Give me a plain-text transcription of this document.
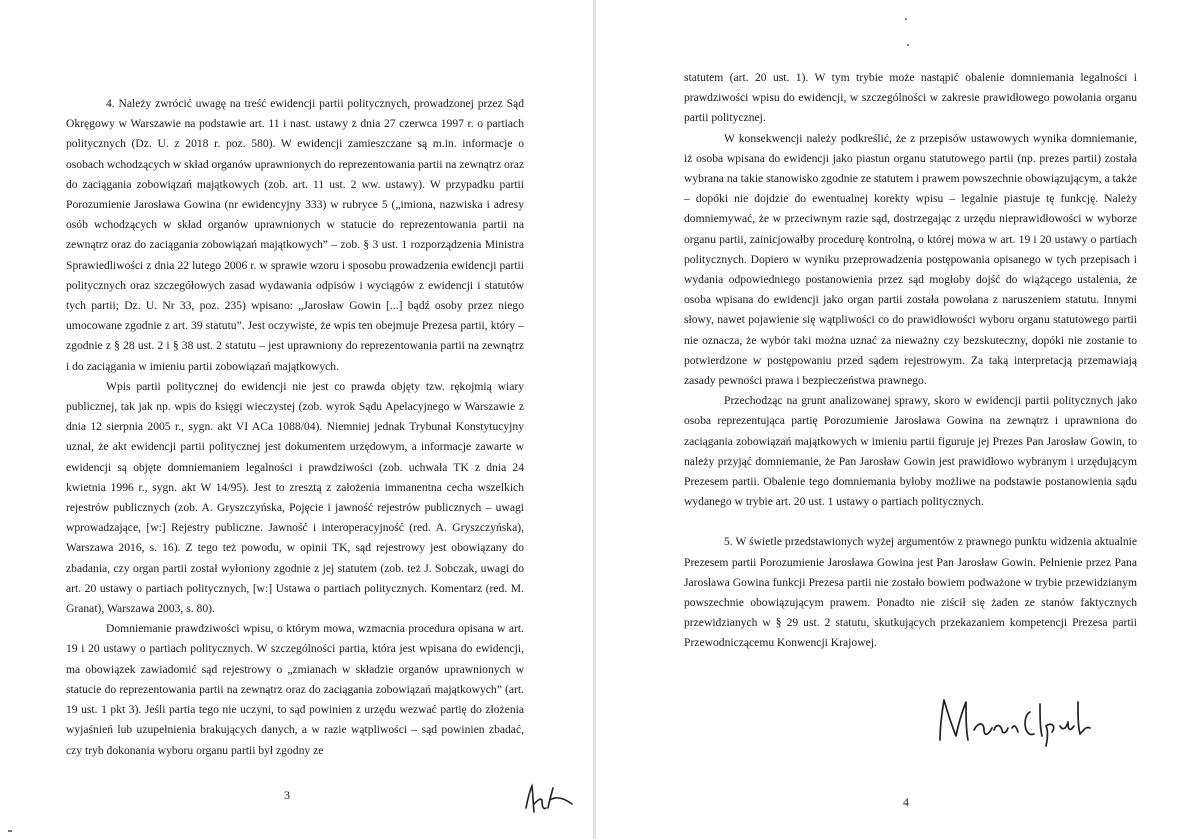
4. Należy zwrócić uwagę na treść ewidencji partii politycznych, prowadzonej przez Sąd Okręgowy w Warszawie na podstawie art. 11 i nast. ustawy z dnia 27 czerwca 1997 r. o partiach politycznych (Dz. U. z 2018 r. poz. 580). W ewidencji zamieszczane są m.in. informacje o osobach wchodzących w skład organów uprawnionych do reprezentowania partii na zewnątrz oraz do zaciągania zobowiązań majątkowych (zob. art. 11 ust. 2 ww. ustawy). W przypadku partii Porozumienie Jarosława Gowina (nr ewidencyjny 333) w rubryce 5 („imiona, nazwiska i adresy osób wchodzących w skład organów uprawnionych w statucie do reprezentowania partii na zewnątrz oraz do zaciągania zobowiązań majątkowych” – zob. § 3 ust. 1 rozporządzenia Ministra Sprawiedliwości z dnia 22 lutego 2006 r. w sprawie wzoru i sposobu prowadzenia ewidencji partii politycznych oraz szczegółowych zasad wydawania odpisów i wyciągów z ewidencji i statutów tych partii; Dz. U. Nr 33, poz. 235) wpisano: „Jarosław Gowin [...] bądź osoby przez niego umocowane zgodnie z art. 39 statutu”. Jest oczywiste, że wpis ten obejmuje Prezesa partii, który – zgodnie z § 28 ust. 2 i § 38 ust. 2 statutu – jest uprawniony do reprezentowania partii na zewnątrz i do zaciągania w imieniu partii zobowiązań majątkowych.

Wpis partii politycznej do ewidencji nie jest co prawda objęty tzw. rękojmią wiary publicznej, tak jak np. wpis do księgi wieczystej (zob. wyrok Sądu Apelacyjnego w Warszawie z dnia 12 sierpnia 2005 r., sygn. akt VI ACa 1088/04). Niemniej jednak Trybunał Konstytucyjny uznał, że akt ewidencji partii politycznej jest dokumentem urzędowym, a informacje zawarte w ewidencji są objęte domniemaniem legalności i prawdziwości (zob. uchwała TK z dnia 24 kwietnia 1996 r., sygn. akt W 14/95). Jest to zresztą z założenia immanentna cecha wszelkich rejestrów publicznych (zob. A. Gryszczyńska, Pojęcie i jawność rejestrów publicznych – uwagi wprowadzające, [w:] Rejestry publiczne. Jawność i interoperacyjność (red. A. Gryszczyńska), Warszawa 2016, s. 16). Z tego też powodu, w opinii TK, sąd rejestrowy jest obowiązany do zbadania, czy organ partii został wyłoniony zgodnie z jej statutem (zob. też J. Sobczak, uwagi do art. 20 ustawy o partiach politycznych, [w:] Ustawa o partiach politycznych. Komentarz (red. M. Granat), Warszawa 2003, s. 80).

Domniemanie prawdziwości wpisu, o którym mowa, wzmacnia procedura opisana w art. 19 i 20 ustawy o partiach politycznych. W szczególności partia, która jest wpisana do ewidencji, ma obowiązek zawiadomić sąd rejestrowy o „zmianach w składzie organów uprawnionych w statucie do reprezentowania partii na zewnątrz oraz do zaciągania zobowiązań majątkowych” (art. 19 ust. 1 pkt 3). Jeśli partia tego nie uczyni, to sąd powinien z urzędu wezwać partię do złożenia wyjaśnień lub uzupełnienia brakujących danych, a w razie wątpliwości – sąd powinien zbadać, czy tryb dokonania wyboru organu partii był zgodny ze

3

statutem (art. 20 ust. 1). W tym trybie może nastąpić obalenie domniemania legalności i prawdziwości wpisu do ewidencji, w szczególności w zakresie prawidłowego powołania organu partii politycznej.

W konsekwencji należy podkreślić, że z przepisów ustawowych wynika domniemanie, iż osoba wpisana do ewidencji jako piastun organu statutowego partii (np. prezes partii) została wybrana na takie stanowisko zgodnie ze statutem i prawem powszechnie obowiązującym, a także – dopóki nie dojdzie do ewentualnej korekty wpisu – legalnie piastuje tę funkcję. Należy domniemywać, że w przeciwnym razie sąd, dostrzegając z urzędu nieprawidłowości w wyborze organu partii, zainicjowałby procedurę kontrolną, o której mowa w art. 19 i 20 ustawy o partiach politycznych. Dopiero w wyniku przeprowadzenia postępowania opisanego w tych przepisach i wydania odpowiedniego postanowienia przez sąd mogłoby dojść do wiążącego ustalenia, że osoba wpisana do ewidencji jako organ partii została powołana z naruszeniem statutu. Innymi słowy, nawet pojawienie się wątpliwości co do prawidłowości wyboru organu statutowego partii nie oznacza, że wybór taki można uznać za nieważny czy bezskuteczny, dopóki nie zostanie to potwierdzone w postępowaniu przed sądem rejestrowym. Za taką interpretacją przemawiają zasady pewności prawa i bezpieczeństwa prawnego.

Przechodząc na grunt analizowanej sprawy, skoro w ewidencji partii politycznych jako osoba reprezentująca partię Porozumienie Jarosława Gowina na zewnątrz i uprawniona do zaciągania zobowiązań majątkowych w imieniu partii figuruje jej Prezes Pan Jarosław Gowin, to należy przyjąć domniemanie, że Pan Jarosław Gowin jest prawidłowo wybranym i urzędującym Prezesem partii. Obalenie tego domniemania byłoby możliwe na podstawie postanowienia sądu wydanego w trybie art. 20 ust. 1 ustawy o partiach politycznych.

5. W świetle przedstawionych wyżej argumentów z prawnego punktu widzenia aktualnie Prezesem partii Porozumienie Jarosława Gowina jest Pan Jarosław Gowin. Pełnienie przez Pana Jarosława Gowina funkcji Prezesa partii nie zostało bowiem podważone w trybie przewidzianym powszechnie obowiązującym prawem. Ponadto nie ziścił się żaden ze stanów faktycznych przewidzianych w § 29 ust. 2 statutu, skutkujących przekazaniem kompetencji Prezesa partii Przewodniczącemu Konwencji Krajowej.

4
